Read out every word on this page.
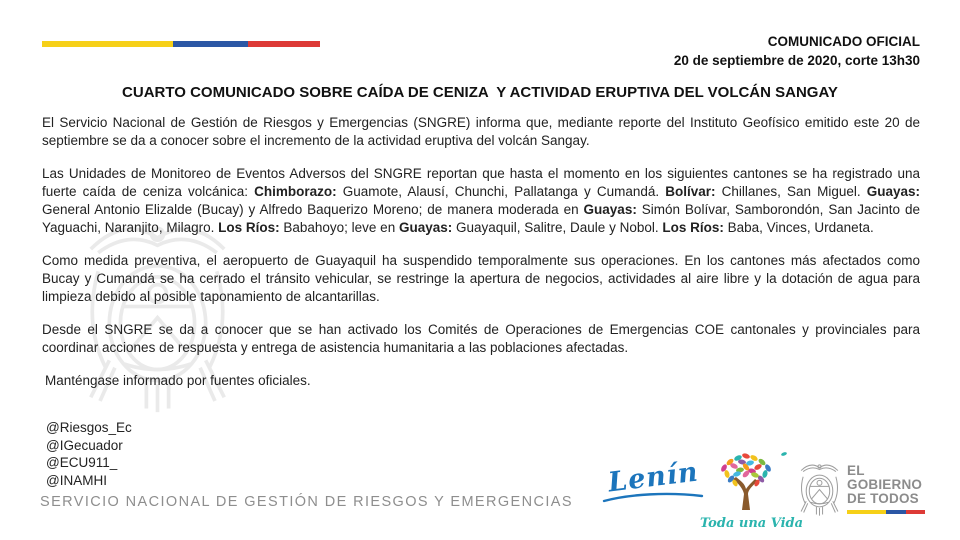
COMUNICADO OFICIAL
20 de septiembre de 2020, corte 13h30
CUARTO COMUNICADO SOBRE CAÍDA DE CENIZA  Y ACTIVIDAD ERUPTIVA DEL VOLCÁN SANGAY

El Servicio Nacional de Gestión de Riesgos y Emergencias (SNGRE) informa que, mediante reporte del Instituto Geofísico emitido este 20 de septiembre se da a conocer sobre el incremento de la actividad eruptiva del volcán Sangay.

Las Unidades de Monitoreo de Eventos Adversos del SNGRE reportan que hasta el momento en los siguientes cantones se ha registrado una fuerte caída de ceniza volcánica: Chimborazo: Guamote, Alausí, Chunchi, Pallatanga y Cumandá. Bolívar: Chillanes, San Miguel. Guayas: General Antonio Elizalde (Bucay) y Alfredo Baquerizo Moreno; de manera moderada en Guayas: Simón Bolívar, Samborondón, San Jacinto de Yaguachi, Naranjito, Milagro. Los Ríos: Babahoyo; leve en Guayas: Guayaquil, Salitre, Daule y Nobol. Los Ríos: Baba, Vinces, Urdaneta.

Como medida preventiva, el aeropuerto de Guayaquil ha suspendido temporalmente sus operaciones. En los cantones más afectados como Bucay y Cumandá se ha cerrado el tránsito vehicular, se restringe la apertura de negocios, actividades al aire libre y la dotación de agua para limpieza debido al posible taponamiento de alcantarillas.

Desde el SNGRE se da a conocer que se han activado los Comités de Operaciones de Emergencias COE cantonales y provinciales para coordinar acciones de respuesta y entrega de asistencia humanitaria a las poblaciones afectadas.

Manténgase informado por fuentes oficiales.

@Riesgos_Ec
@IGecuador
@ECU911_
@INAMHI
SERVICIO NACIONAL DE GESTIÓN DE RIESGOS Y EMERGENCIAS
Lenín
Toda una Vida
EL
GOBIERNO
DE TODOS
